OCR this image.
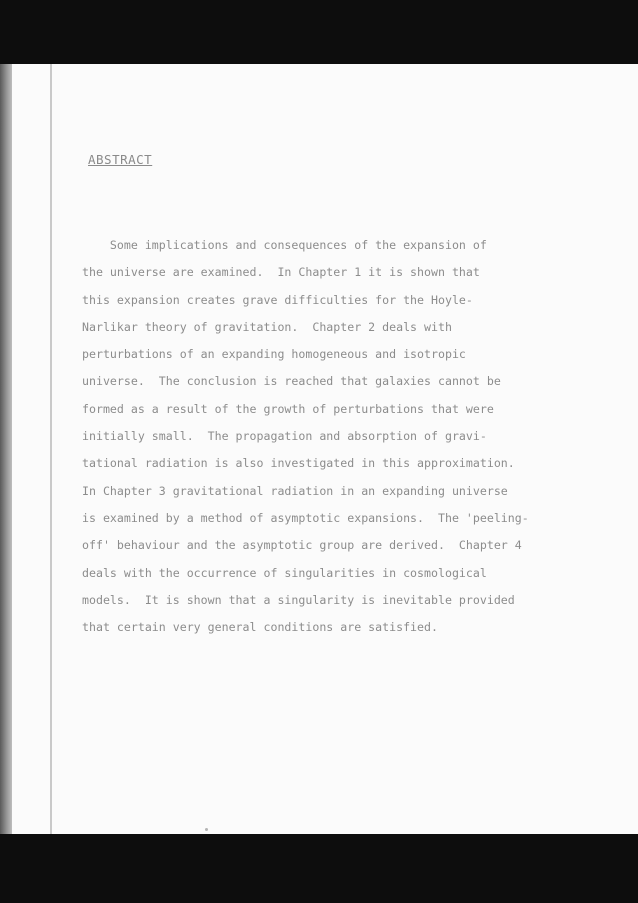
ABSTRACT
Some implications and consequences of the expansion of
the universe are examined.  In Chapter 1 it is shown that
this expansion creates grave difficulties for the Hoyle-
Narlikar theory of gravitation.  Chapter 2 deals with
perturbations of an expanding homogeneous and isotropic
universe.  The conclusion is reached that galaxies cannot be
formed as a result of the growth of perturbations that were
initially small.  The propagation and absorption of gravi-
tational radiation is also investigated in this approximation.
In Chapter 3 gravitational radiation in an expanding universe
is examined by a method of asymptotic expansions.  The 'peeling-
off' behaviour and the asymptotic group are derived.  Chapter 4
deals with the occurrence of singularities in cosmological
models.  It is shown that a singularity is inevitable provided
that certain very general conditions are satisfied.
